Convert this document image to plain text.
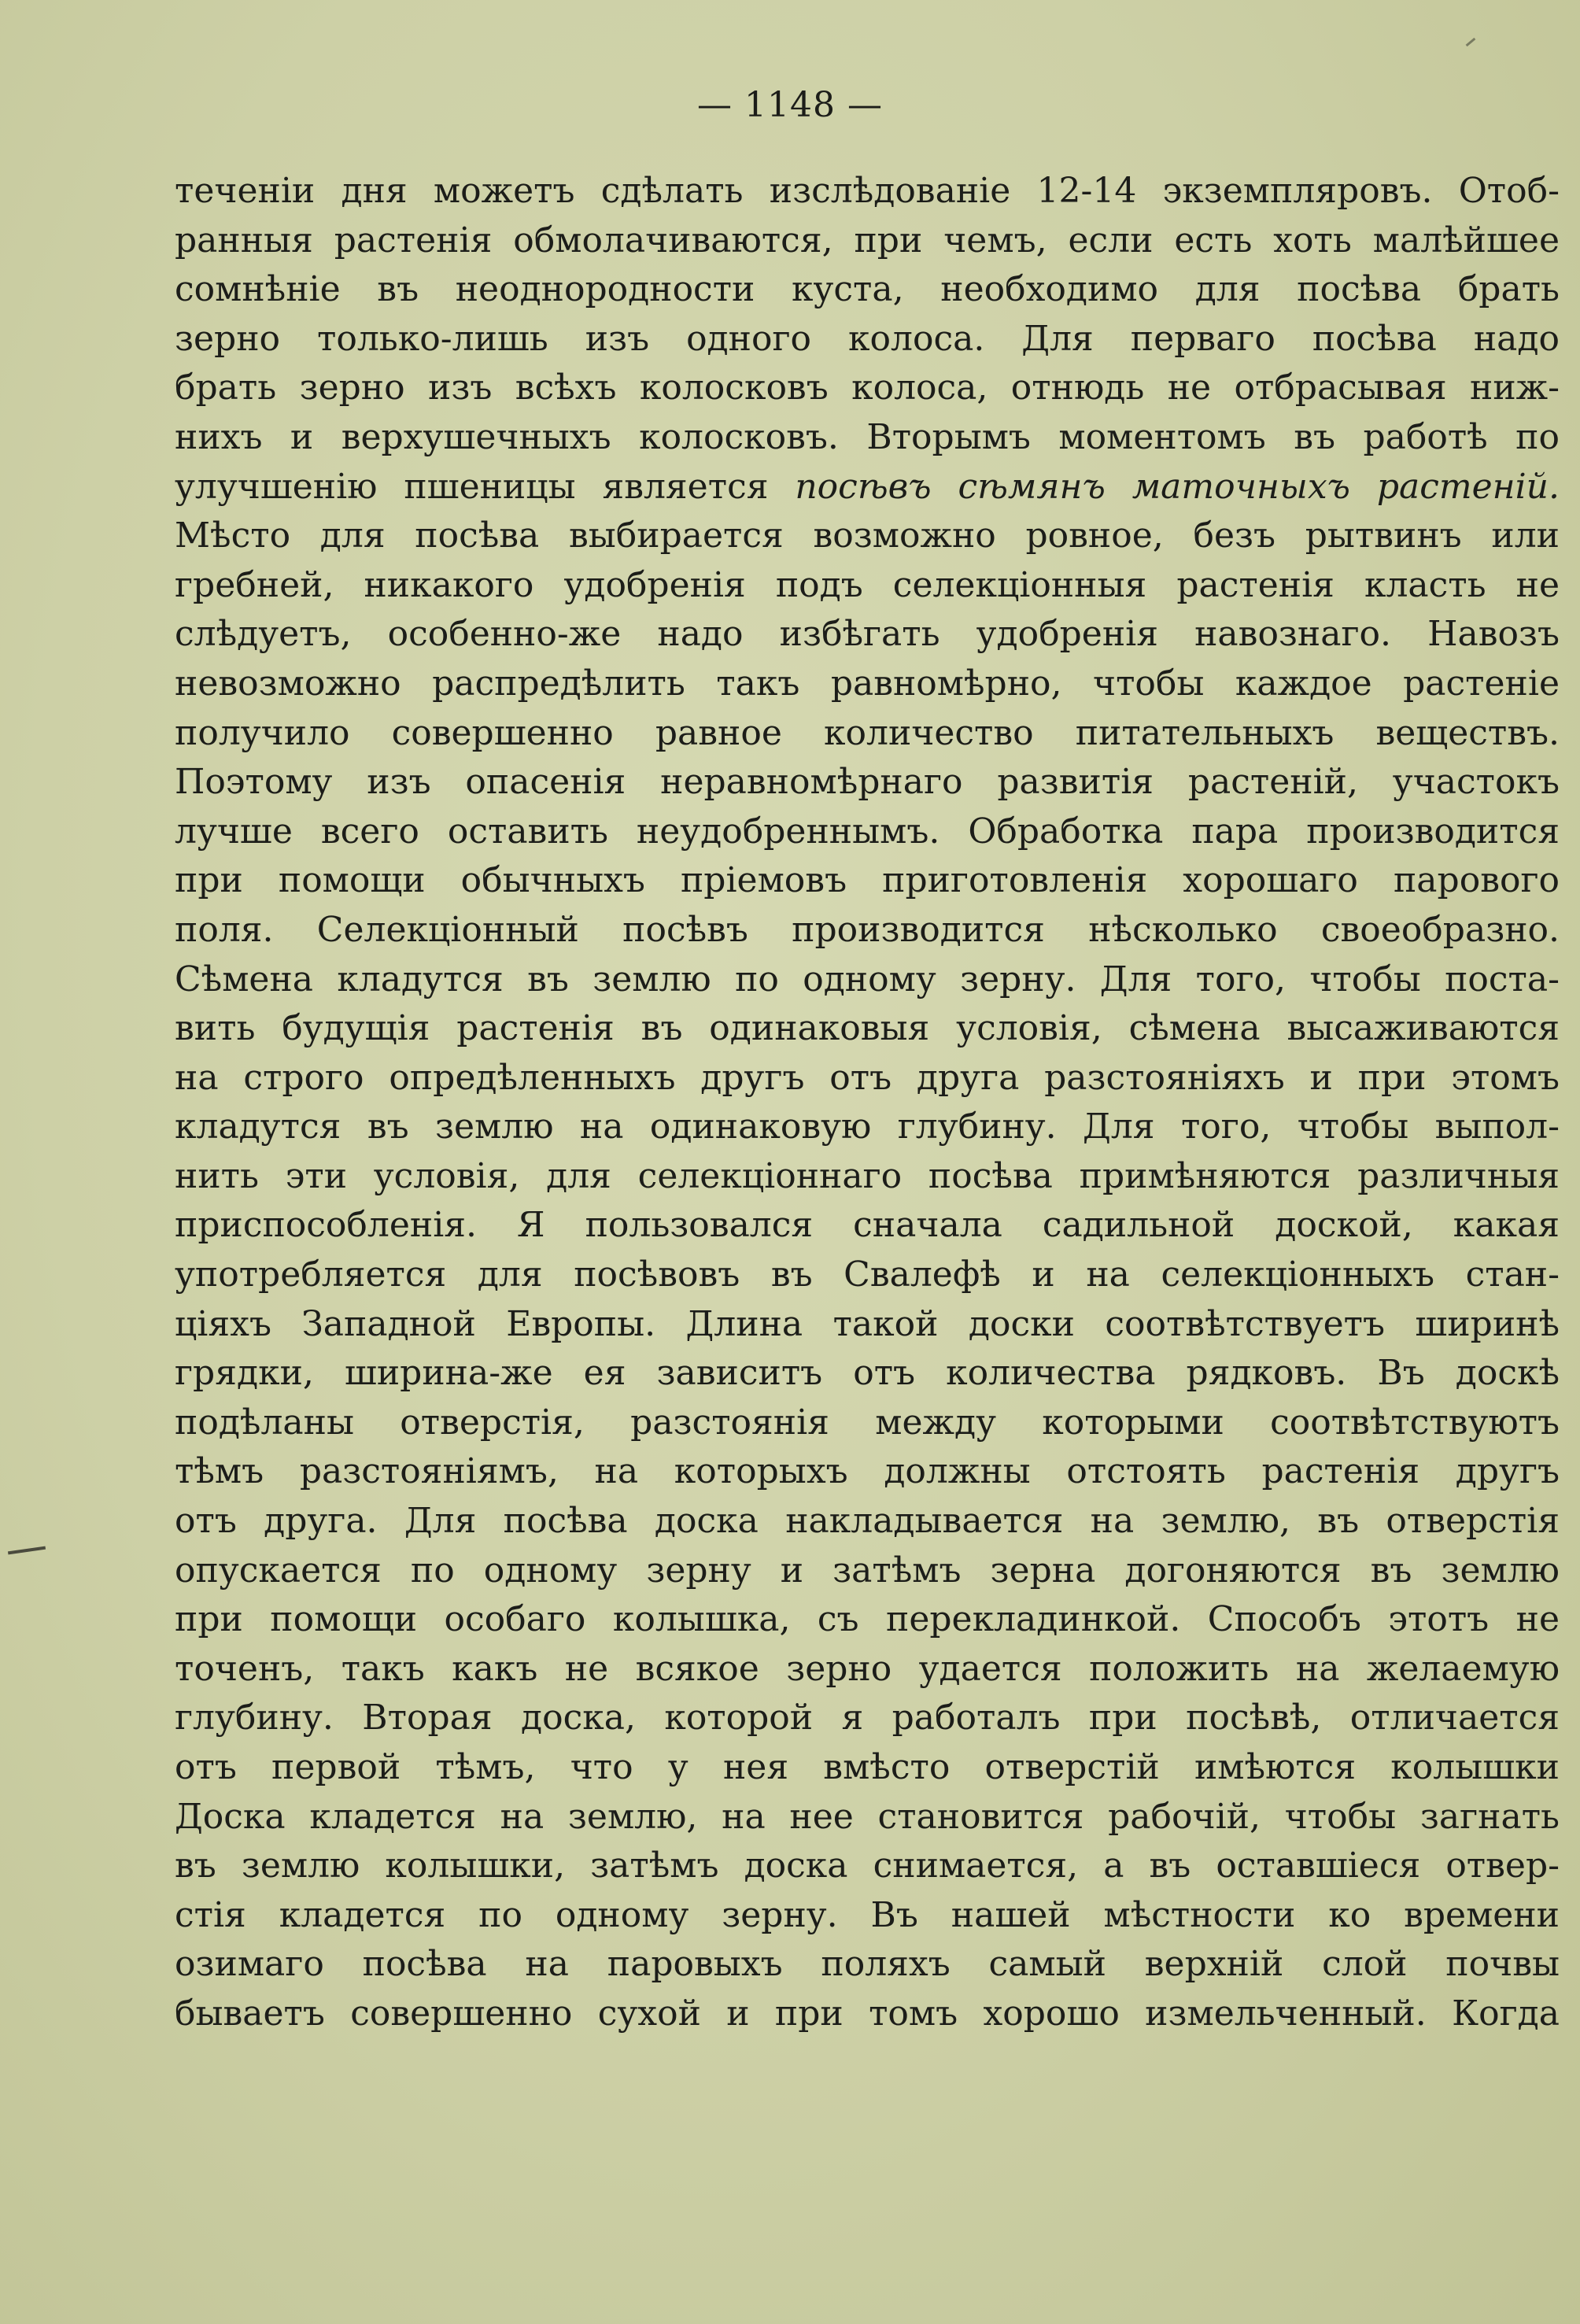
— 1148 —
теченіи дня можетъ сдѣлать изслѣдованіе 12-14 экземпляровъ. Отоб-
ранныя растенія обмолачиваются, при чемъ, если есть хоть малѣйшее
сомнѣніе въ неоднородности куста, необходимо для посѣва брать
зерно только-лишь изъ одного колоса. Для перваго посѣва надо
брать зерно изъ всѣхъ колосковъ колоса, отнюдь не отбрасывая ниж-
нихъ и верхушечныхъ колосковъ. Вторымъ моментомъ въ работѣ по
улучшенію пшеницы является посѣвъ сѣмянъ маточныхъ растеній.
Мѣсто для посѣва выбирается возможно ровное, безъ рытвинъ или
гребней, никакого удобренія подъ селекціонныя растенія класть не
слѣдуетъ, особенно-же надо избѣгать удобренія навознаго. Навозъ
невозможно распредѣлить такъ равномѣрно, чтобы каждое растеніе
получило совершенно равное количество питательныхъ веществъ.
Поэтому изъ опасенія неравномѣрнаго развитія растеній, участокъ
лучше всего оставить неудобреннымъ. Обработка пара производится
при помощи обычныхъ пріемовъ приготовленія хорошаго парового
поля. Селекціонный посѣвъ производится нѣсколько своеобразно.
Сѣмена кладутся въ землю по одному зерну. Для того, чтобы поста-
вить будущія растенія въ одинаковыя условія, сѣмена высаживаются
на строго опредѣленныхъ другъ отъ друга разстояніяхъ и при этомъ
кладутся въ землю на одинаковую глубину. Для того, чтобы выпол-
нить эти условія, для селекціоннаго посѣва примѣняются различныя
приспособленія. Я пользовался сначала садильной доской, какая
употребляется для посѣвовъ въ Свалефѣ и на селекціонныхъ стан-
ціяхъ Западной Европы. Длина такой доски соотвѣтствуетъ ширинѣ
грядки, ширина-же ея зависитъ отъ количества рядковъ. Въ доскѣ
подѣланы отверстія, разстоянія между которыми соотвѣтствуютъ
тѣмъ разстояніямъ, на которыхъ должны отстоять растенія другъ
отъ друга. Для посѣва доска накладывается на землю, въ отверстія
опускается по одному зерну и затѣмъ зерна догоняются въ землю
при помощи особаго колышка, съ перекладинкой. Способъ этотъ не
точенъ, такъ какъ не всякое зерно удается положить на желаемую
глубину. Вторая доска, которой я работалъ при посѣвѣ, отличается
отъ первой тѣмъ, что у нея вмѣсто отверстій имѣются колышки
Доска кладется на землю, на нее становится рабочій, чтобы загнать
въ землю колышки, затѣмъ доска снимается, а въ оставшіеся отвер-
стія кладется по одному зерну. Въ нашей мѣстности ко времени
озимаго посѣва на паровыхъ поляхъ самый верхній слой почвы
бываетъ совершенно сухой и при томъ хорошо измельченный. Когда
